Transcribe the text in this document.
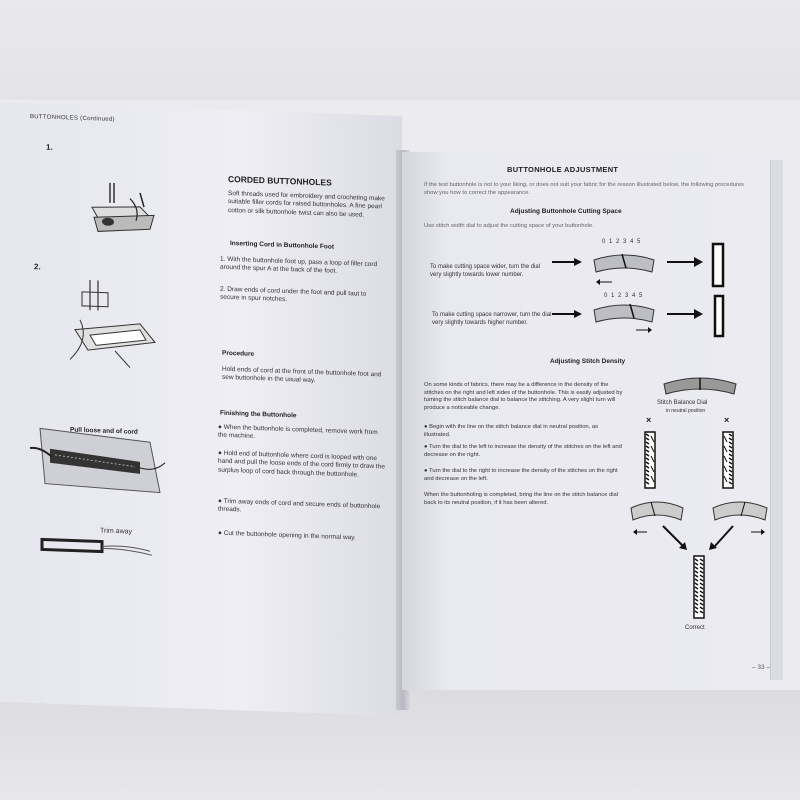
BUTTONHOLES (Continued)
1.
2.
Pull loose and of cord
Trim away
CORDED BUTTONHOLES
Soft threads used for embroidery and crocheting make suitable filler cords for raised buttonholes. A fine pearl cotton or silk buttonhole twist can also be used.
Inserting Cord in Buttonhole Foot
1. With the buttonhole foot up, pass a loop of filler cord around the spur A at the back of the foot.
2. Draw ends of cord under the foot and pull taut to secure in spur notches.
Procedure
Hold ends of cord at the front of the buttonhole foot and sew buttonhole in the usual way.
Finishing the Buttonhole
● When the buttonhole is completed, remove work from the machine.
● Hold end of buttonhole where cord is looped with one hand and pull the loose ends of the cord firmly to draw the surplus loop of cord back through the buttonhole.
● Trim away ends of cord and secure ends of buttonhole threads.
● Cut the buttonhole opening in the normal way.
BUTTONHOLE ADJUSTMENT
If the test buttonhole is not to your liking, or does not suit your fabric for the reason illustrated below, the following procedures show you how to correct the appearance.
Adjusting Buttonhole Cutting Space
Use stitch width dial to adjust the cutting space of your buttonhole.
To make cutting space wider, turn the dial very slightly towards lower number.
To make cutting space narrower, turn the dial very slightly towards higher number.
0 1 2 3 4 5
0 1 2 3 4 5
Adjusting Stitch Density
On some kinds of fabrics, there may be a difference in the density of the stitches on the right and left sides of the buttonhole. This is easily adjusted by turning the stitch balance dial to balance the stitching. A very slight turn will produce a noticeable change.
● Begin with the line on the stitch balance dial in neutral position, as illustrated.
● Turn the dial to the left to increase the density of the stitches on the left and decrease on the right.
● Turn the dial to the right to increase the density of the stitches on the right and decrease on the left.
When the buttonholing is completed, bring the line on the stitch balance dial back to its neutral position, if it has been altered.
Stitch Balance Dial
in neutral position
×	×
Correct
– 33 –
